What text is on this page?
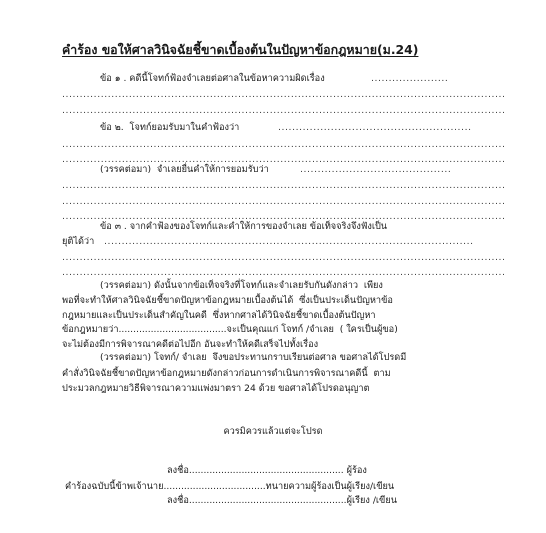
คำร้อง ขอให้ศาลวินิจฉัยชี้ขาดเบื้องต้นในปัญหาข้อกฎหมาย(ม.24)
ข้อ ๑ . คดีนี้โจทก์ฟ้องจำเลยต่อศาลในข้อหาความผิดเรื่อง	......................
..............................................................................................................................
..............................................................................................................................
ข้อ ๒.  โจทก์ยอมรับมาในคำฟ้องว่า	.......................................................
..............................................................................................................................
..............................................................................................................................
(วรรคต่อมา)  จำเลยยื่นคำให้การยอมรับว่า	...........................................
..............................................................................................................................
..............................................................................................................................
..............................................................................................................................
ข้อ ๓ . จากคำฟ้องของโจทก์และคำให้การของจำเลย ข้อเท็จจริงจึงฟังเป็น
ยุติได้ว่า .........................................................................................................
..............................................................................................................................
..............................................................................................................................
(วรรคต่อมา) ดังนั้นจากข้อเท็จจริงที่โจทก์และจำเลยรับกันดังกล่าว  เพียง
พอที่จะทำให้ศาลวินิจฉัยชี้ขาดปัญหาข้อกฎหมายเบื้องต้นได้  ซึ่งเป็นประเด็นปัญหาข้อ
กฎหมายและเป็นประเด็นสำคัญในคดี  ซึ่งหากศาลได้วินิจฉัยชี้ขาดเบื้องต้นปัญหา
ข้อกฎหมายว่า.....................................จะเป็นคุณแก่ โจทก์ /จำเลย  ( ใครเป็นผู้ขอ)
จะไม่ต้องมีการพิจารณาคดีต่อไปอีก อันจะทำให้คดีเสร็จไปทั้งเรื่อง
(วรรคต่อมา) โจทก์/ จำเลย  จึงขอประทานกราบเรียนต่อศาล ขอศาลได้โปรดมี
คำสั่งวินิจฉัยชี้ขาดปัญหาข้อกฎหมายดังกล่าวก่อนการดำเนินการพิจารณาคดีนี้  ตาม
ประมวลกฎหมายวิธีพิจารณาความแพ่งมาตรา 24 ด้วย ขอศาลได้โปรดอนุญาต
ควรมิควรแล้วแต่จะโปรด
ลงชื่อ..................................................... ผู้ร้อง
คำร้องฉบับนี้ข้าพเจ้านาย...................................ทนายความผู้ร้องเป็นผู้เรียง/เขียน
ลงชื่อ......................................................ผู้เรียง /เขียน
